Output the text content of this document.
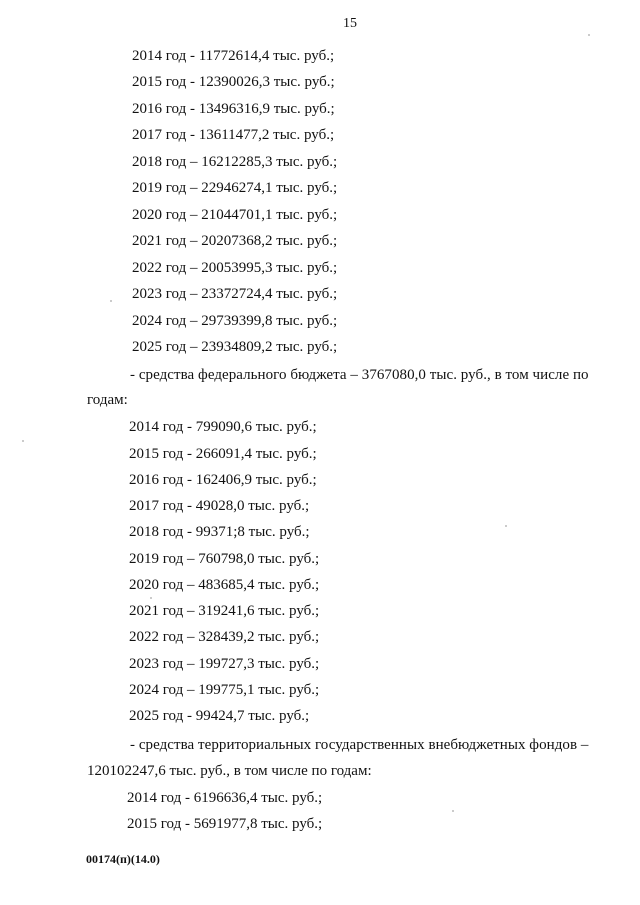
15
2014 год - 11772614,4 тыс. руб.;
2015 год - 12390026,3 тыс. руб.;
2016 год - 13496316,9 тыс. руб.;
2017 год - 13611477,2 тыс. руб.;
2018 год – 16212285,3 тыс. руб.;
2019 год – 22946274,1 тыс. руб.;
2020 год – 21044701,1 тыс. руб.;
2021 год – 20207368,2 тыс. руб.;
2022 год – 20053995,3 тыс. руб.;
2023 год – 23372724,4 тыс. руб.;
2024 год – 29739399,8 тыс. руб.;
2025 год – 23934809,2 тыс. руб.;
- средства федерального бюджета – 3767080,0 тыс. руб., в том числе по
годам:
2014 год - 799090,6 тыс. руб.;
2015 год - 266091,4 тыс. руб.;
2016 год - 162406,9 тыс. руб.;
2017 год - 49028,0 тыс. руб.;
2018 год - 99371;8 тыс. руб.;
2019 год – 760798,0 тыс. руб.;
2020 год – 483685,4 тыс. руб.;
2021 год – 319241,6 тыс. руб.;
2022 год – 328439,2 тыс. руб.;
2023 год – 199727,3 тыс. руб.;
2024 год – 199775,1 тыс. руб.;
2025 год - 99424,7 тыс. руб.;
- средства территориальных государственных внебюджетных фондов –
120102247,6 тыс. руб., в том числе по годам:
2014 год - 6196636,4 тыс. руб.;
2015 год - 5691977,8 тыс. руб.;
00174(п)(14.0)
